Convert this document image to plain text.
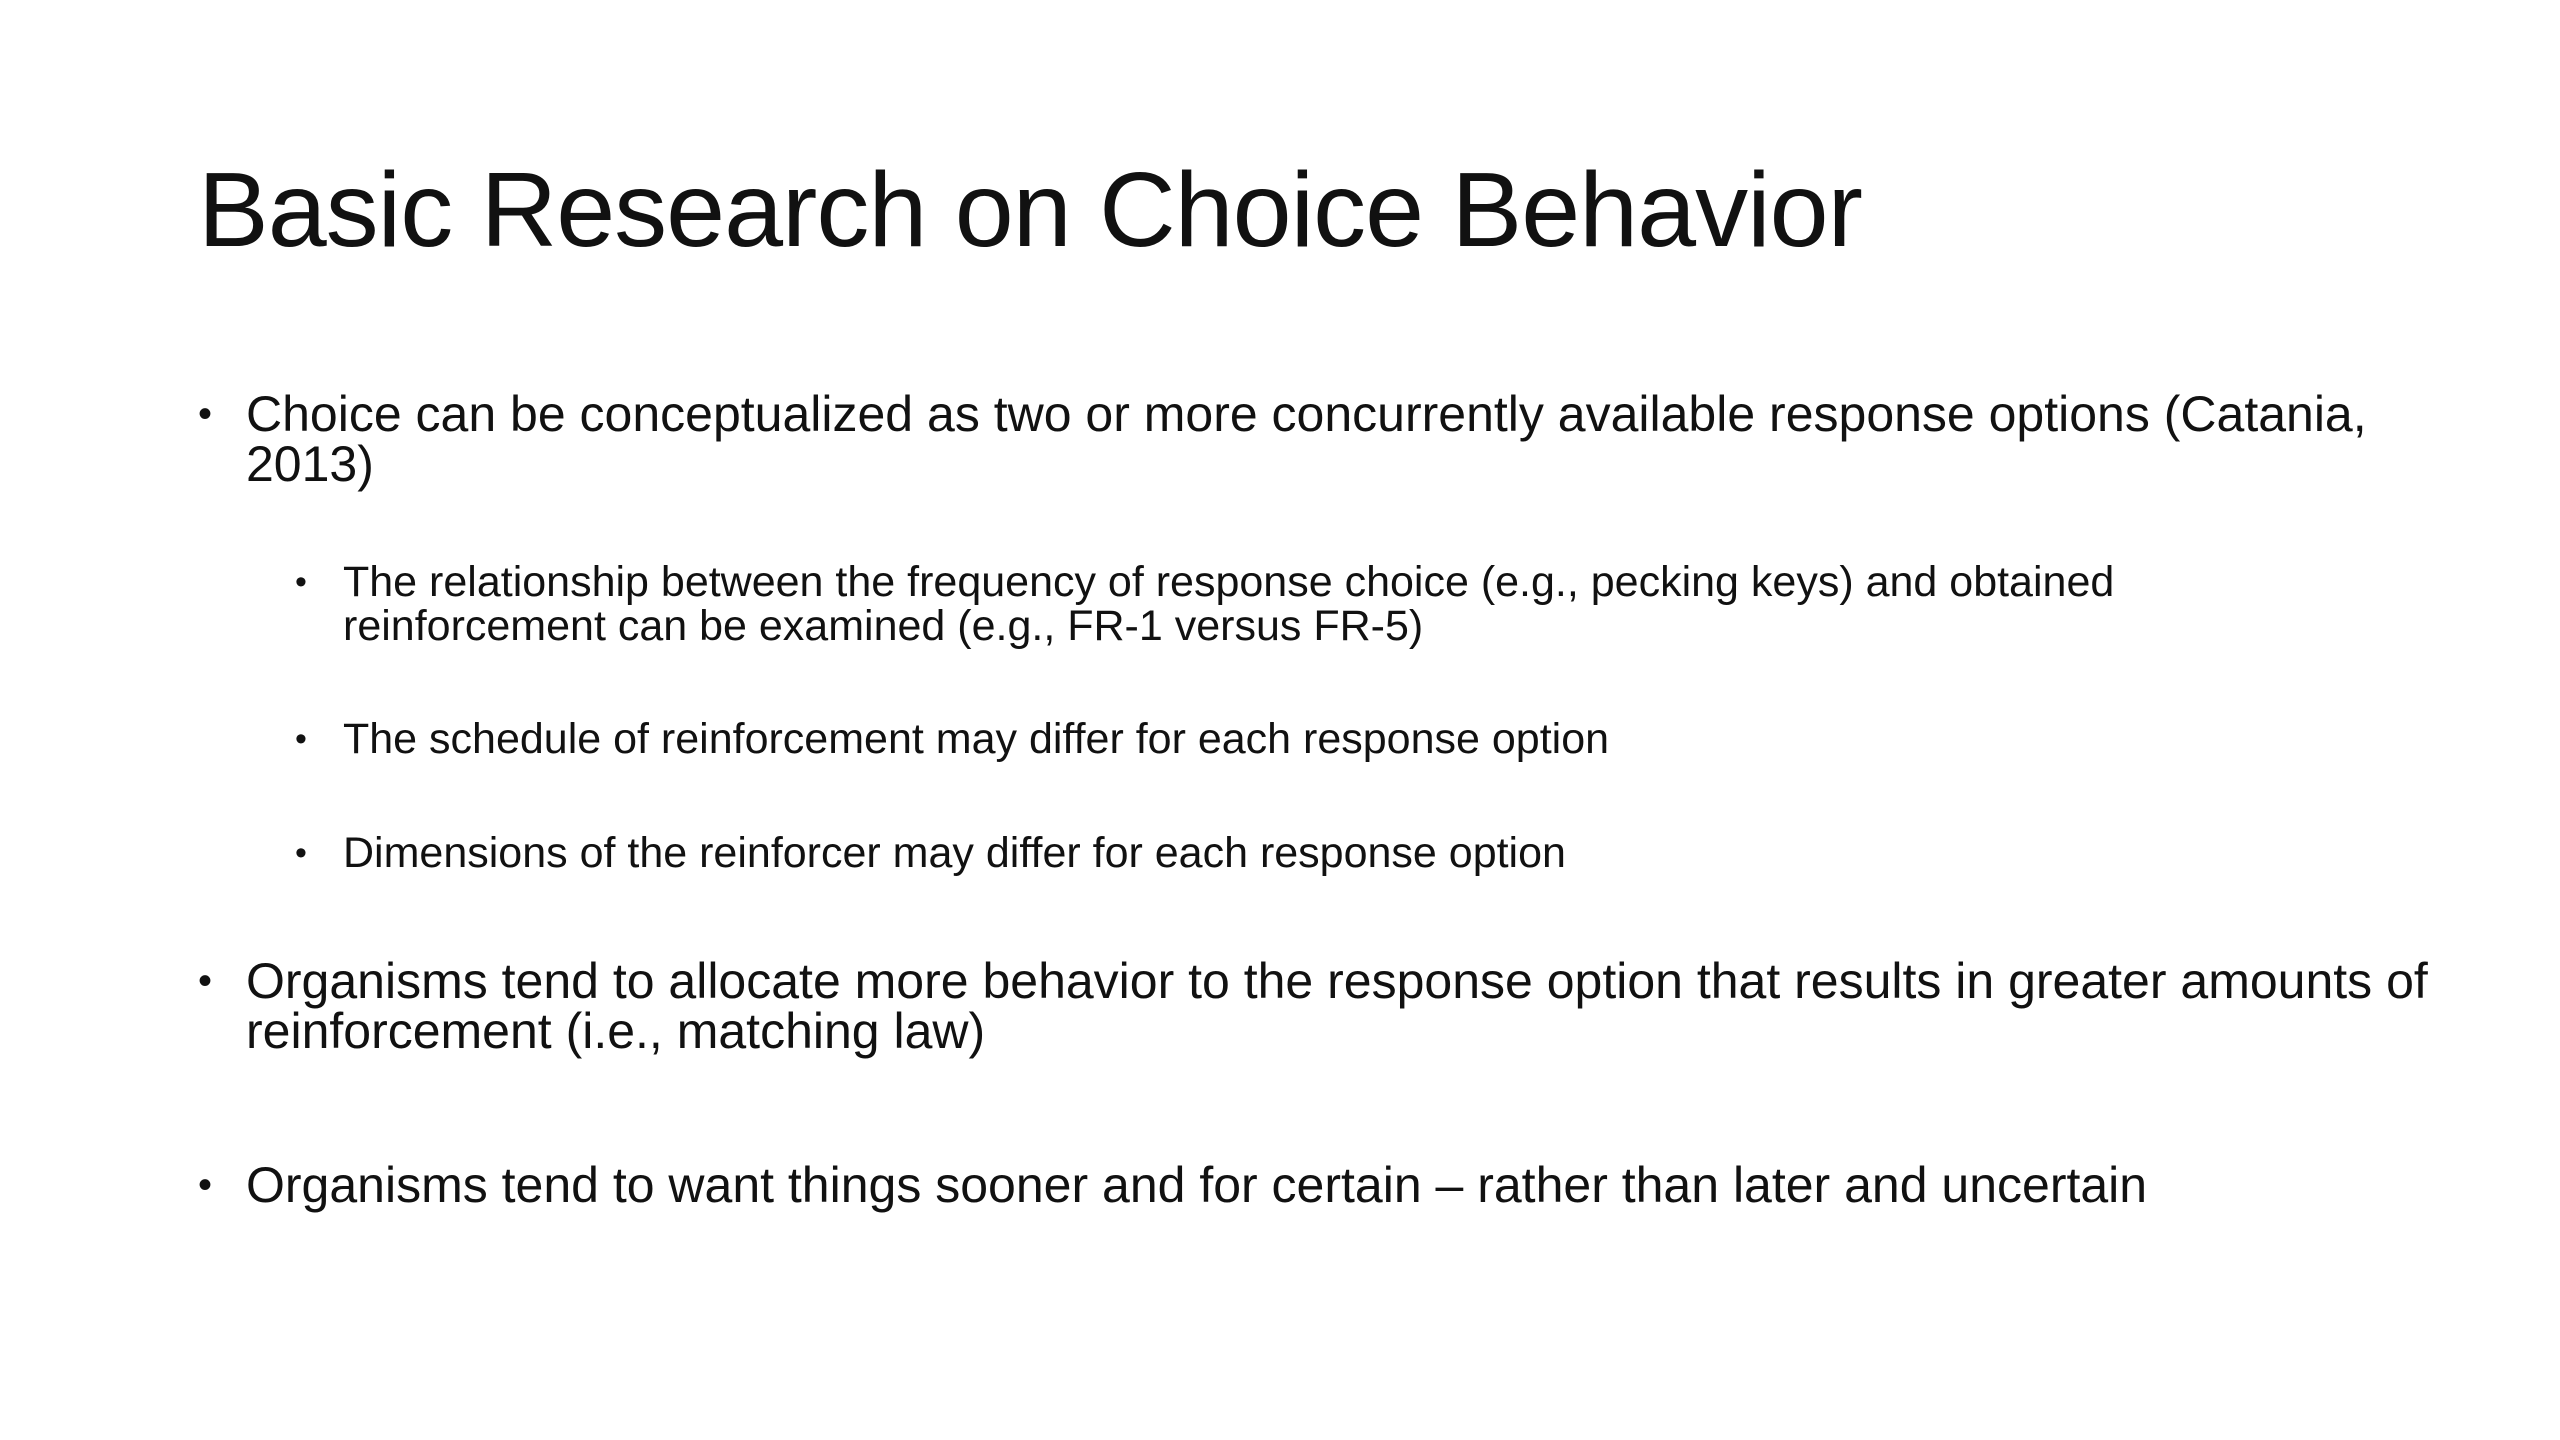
Basic Research on Choice Behavior
• Choice can be conceptualized as two or more concurrently available response options (Catania, 2013)
• The relationship between the frequency of response choice (e.g., pecking keys) and obtained reinforcement can be examined (e.g., FR-1 versus FR-5)
• The schedule of reinforcement may differ for each response option
• Dimensions of the reinforcer may differ for each response option
• Organisms tend to allocate more behavior to the response option that results in greater amounts of reinforcement (i.e., matching law)
• Organisms tend to want things sooner and for certain – rather than later and uncertain
